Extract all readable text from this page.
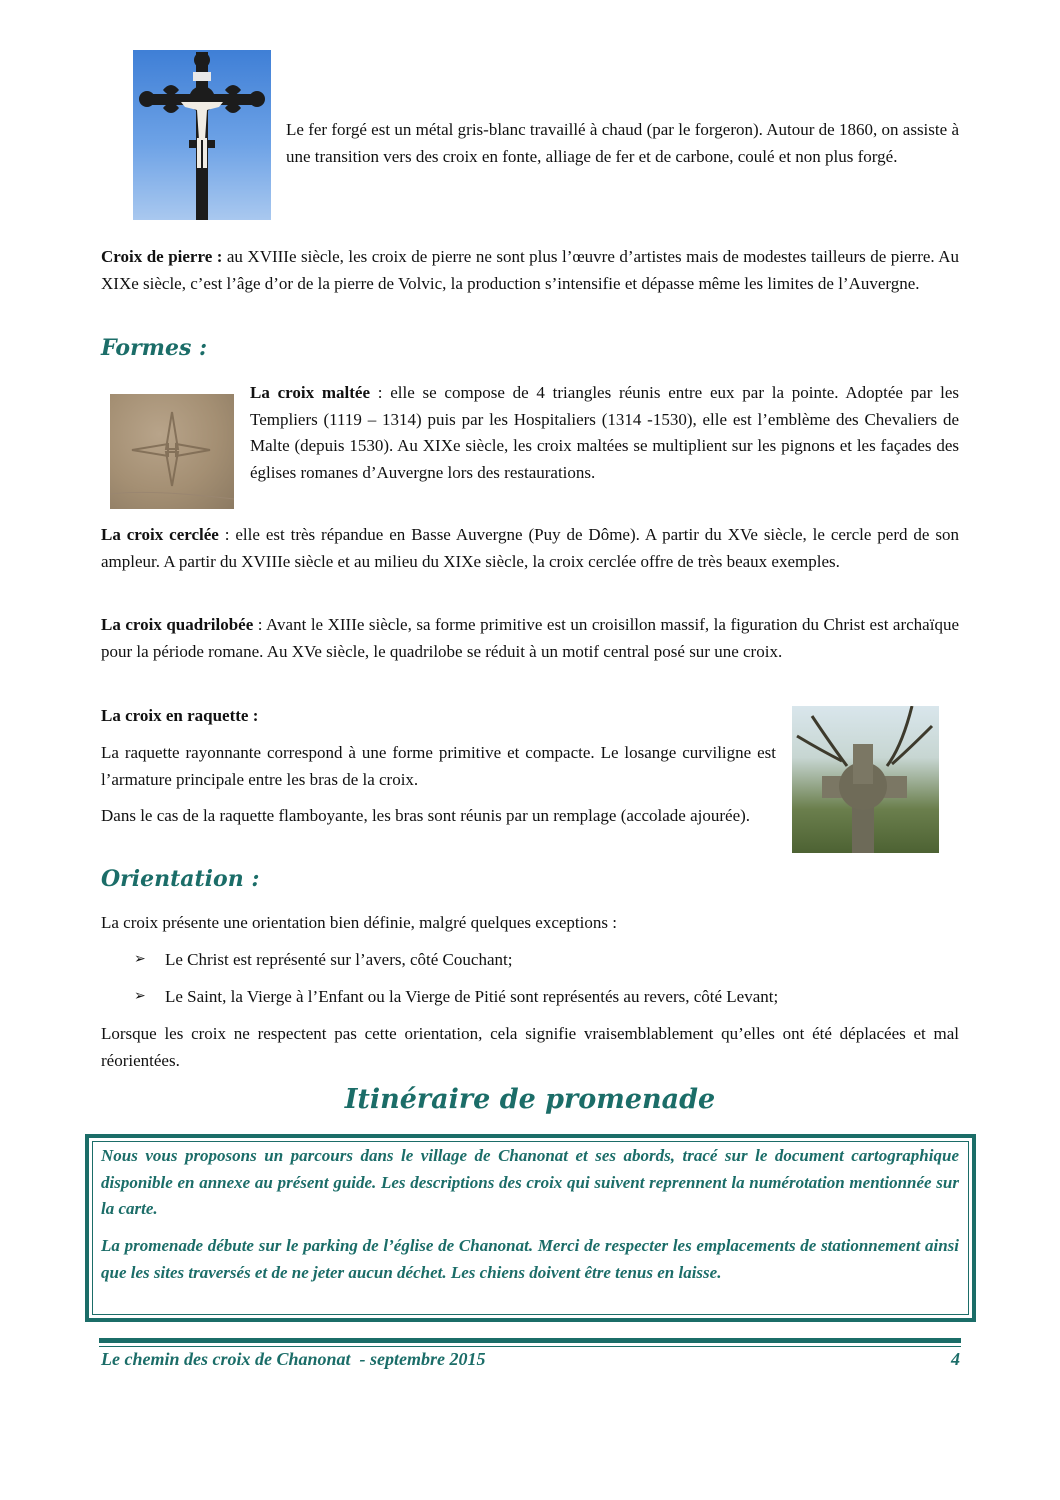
Le fer forgé est un métal gris-blanc travaillé à chaud (par le forgeron). Autour de 1860, on assiste à une transition vers des croix en fonte, alliage de fer et de carbone, coulé et non plus forgé.

Croix de pierre : au XVIIIe siècle, les croix de pierre ne sont plus l’œuvre d’artistes mais de modestes tailleurs de pierre. Au XIXe siècle, c’est l’âge d’or de la pierre de Volvic, la production s’intensifie et dépasse même les limites de l’Auvergne.

Formes :

La croix maltée : elle se compose de 4 triangles réunis entre eux par la pointe. Adoptée par les Templiers (1119 – 1314) puis par les Hospitaliers (1314 -1530), elle est l’emblème des Chevaliers de Malte (depuis 1530). Au XIXe siècle, les croix maltées se multiplient sur les pignons et les façades des églises romanes d’Auvergne lors des restaurations.

La croix cerclée : elle est très répandue en Basse Auvergne (Puy de Dôme). A partir du XVe siècle, le cercle perd de son ampleur. A partir du XVIIIe siècle et au milieu du XIXe siècle, la croix cerclée offre de très beaux exemples.

La croix quadrilobée : Avant le XIIIe siècle, sa forme primitive est un croisillon massif, la figuration du Christ est archaïque pour la période romane. Au XVe siècle, le quadrilobe se réduit à un motif central posé sur une croix.

La croix en raquette :

La raquette rayonnante correspond à une forme primitive et compacte. Le losange curviligne est l’armature principale entre les bras de la croix.

Dans le cas de la raquette flamboyante, les bras sont réunis par un remplage (accolade ajourée).

Orientation :

La croix présente une orientation bien définie, malgré quelques exceptions :

➢ Le Christ est représenté sur l’avers, côté Couchant;
➢ Le Saint, la Vierge à l’Enfant ou la Vierge de Pitié sont représentés au revers, côté Levant;

Lorsque les croix ne respectent pas cette orientation, cela signifie vraisemblablement qu’elles ont été déplacées et mal réorientées.

Itinéraire de promenade

Nous vous proposons un parcours dans le village de Chanonat et ses abords, tracé sur le document cartographique disponible en annexe au présent guide. Les descriptions des croix qui suivent reprennent la numérotation mentionnée sur la carte.

La promenade débute sur le parking de l’église de Chanonat. Merci de respecter les emplacements de stationnement ainsi que les sites traversés et de ne jeter aucun déchet. Les chiens doivent être tenus en laisse.

Le chemin des croix de Chanonat  - septembre 2015	4
